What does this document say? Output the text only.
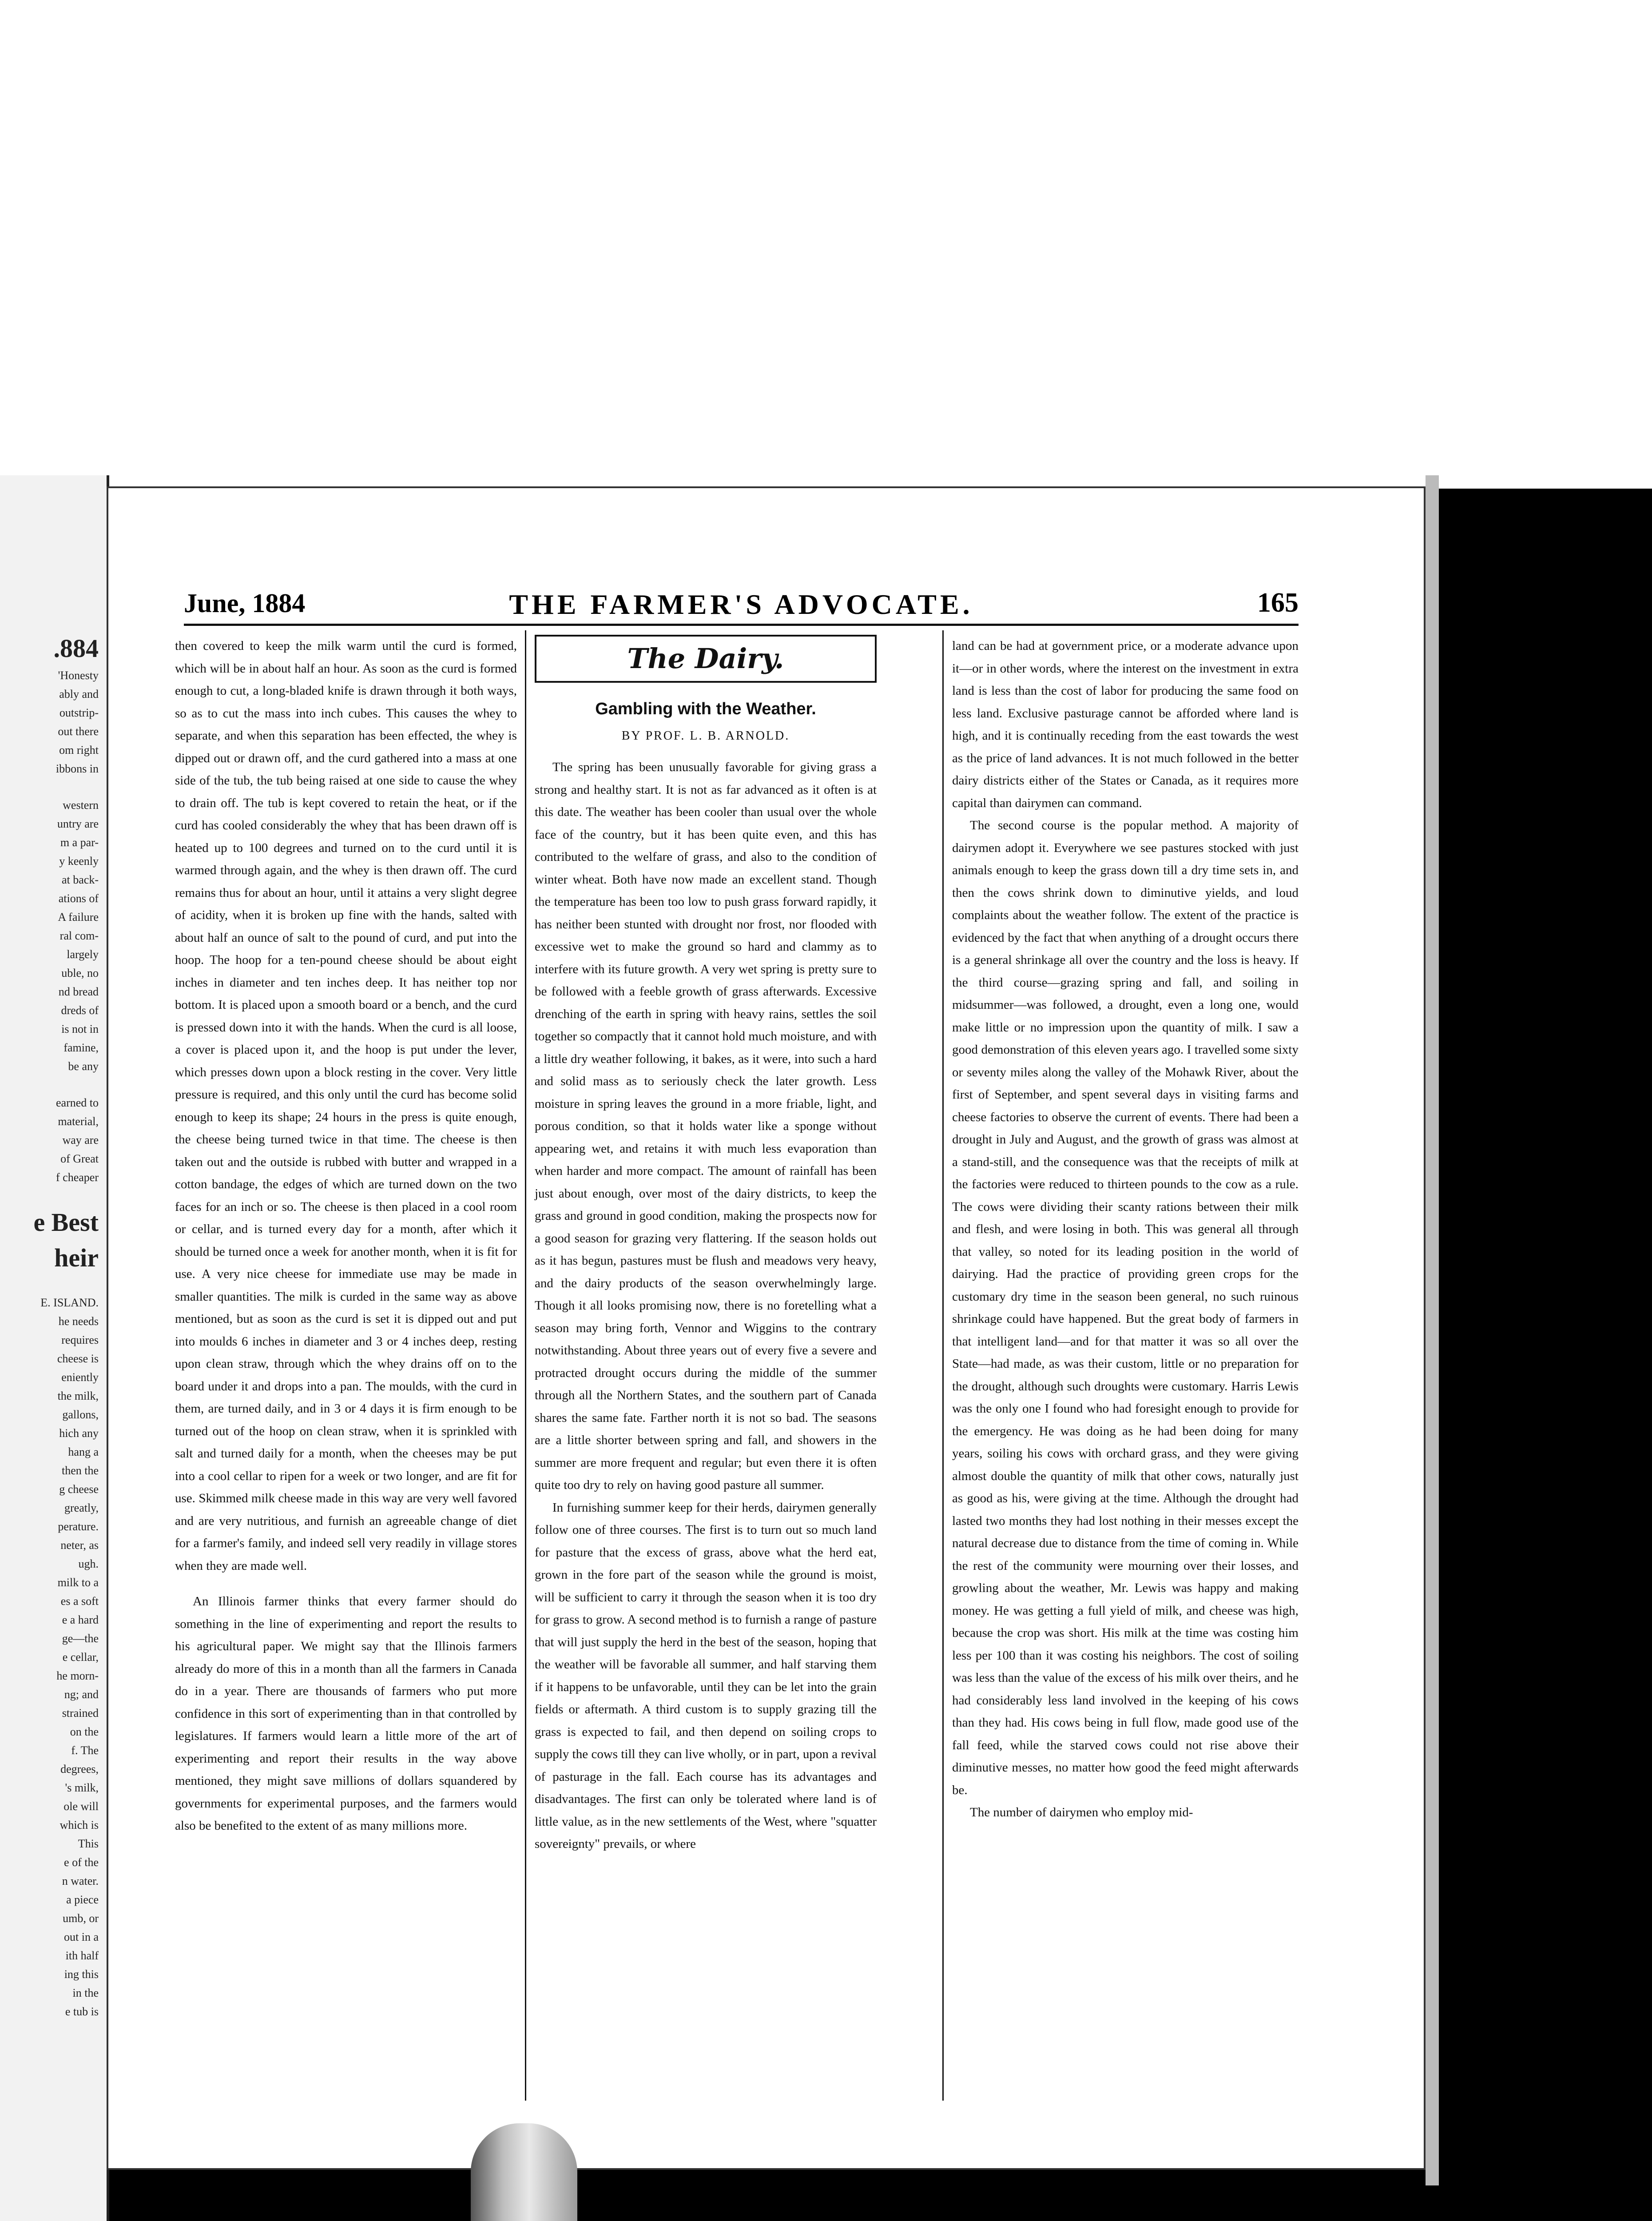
.884

'Honesty

ably and

outstrip-

out there

om right

ibbons in

western

untry are

m a par-

y keenly

at back-

ations of

A failure

ral com-

largely

uble, no

nd bread

dreds of

is not in

famine,

be any

earned to

material,

way are

of Great

f cheaper

e Best

heir

E. ISLAND.

he needs

requires

cheese is

eniently

the milk,

gallons,

hich any

hang a

then the

g cheese

greatly,

perature.

neter, as

ugh.

milk to a

es a soft

e a hard

ge—the

e cellar,

he morn-

ng; and

strained

on the

f. The

degrees,

's milk,

ole will

which is

This

e of the

n water.

a piece

umb, or

out in a

ith half

ing this

in the

e tub is

June, 1884	THE FARMER'S ADVOCATE.	165

then covered to keep the milk warm until the curd is formed, which will be in about half an hour. As soon as the curd is formed enough to cut, a long-bladed knife is drawn through it both ways, so as to cut the mass into inch cubes. This causes the whey to separate, and when this separation has been effected, the whey is dipped out or drawn off, and the curd gathered into a mass at one side of the tub, the tub being raised at one side to cause the whey to drain off. The tub is kept covered to retain the heat, or if the curd has cooled considerably the whey that has been drawn off is heated up to 100 degrees and turned on to the curd until it is warmed through again, and the whey is then drawn off. The curd remains thus for about an hour, until it attains a very slight degree of acidity, when it is broken up fine with the hands, salted with about half an ounce of salt to the pound of curd, and put into the hoop. The hoop for a ten-pound cheese should be about eight inches in diameter and ten inches deep. It has neither top nor bottom. It is placed upon a smooth board or a bench, and the curd is pressed down into it with the hands. When the curd is all loose, a cover is placed upon it, and the hoop is put under the lever, which presses down upon a block resting in the cover. Very little pressure is required, and this only until the curd has become solid enough to keep its shape; 24 hours in the press is quite enough, the cheese being turned twice in that time. The cheese is then taken out and the outside is rubbed with butter and wrapped in a cotton bandage, the edges of which are turned down on the two faces for an inch or so. The cheese is then placed in a cool room or cellar, and is turned every day for a month, after which it should be turned once a week for another month, when it is fit for use. A very nice cheese for immediate use may be made in smaller quantities. The milk is curded in the same way as above mentioned, but as soon as the curd is set it is dipped out and put into moulds 6 inches in diameter and 3 or 4 inches deep, resting upon clean straw, through which the whey drains off on to the board under it and drops into a pan. The moulds, with the curd in them, are turned daily, and in 3 or 4 days it is firm enough to be turned out of the hoop on clean straw, when it is sprinkled with salt and turned daily for a month, when the cheeses may be put into a cool cellar to ripen for a week or two longer, and are fit for use. Skimmed milk cheese made in this way are very well favored and are very nutritious, and furnish an agreeable change of diet for a farmer's family, and indeed sell very readily in village stores when they are made well.

An Illinois farmer thinks that every farmer should do something in the line of experimenting and report the results to his agricultural paper. We might say that the Illinois farmers already do more of this in a month than all the farmers in Canada do in a year. There are thousands of farmers who put more confidence in this sort of experimenting than in that controlled by legislatures. If farmers would learn a little more of the art of experimenting and report their results in the way above mentioned, they might save millions of dollars squandered by governments for experimental purposes, and the farmers would also be benefited to the extent of as many millions more.

The Dairy.
Gambling with the Weather.
BY PROF. L. B. ARNOLD.

The spring has been unusually favorable for giving grass a strong and healthy start. It is not as far advanced as it often is at this date. The weather has been cooler than usual over the whole face of the country, but it has been quite even, and this has contributed to the welfare of grass, and also to the condition of winter wheat. Both have now made an excellent stand. Though the temperature has been too low to push grass forward rapidly, it has neither been stunted with drought nor frost, nor flooded with excessive wet to make the ground so hard and clammy as to interfere with its future growth. A very wet spring is pretty sure to be followed with a feeble growth of grass afterwards. Excessive drenching of the earth in spring with heavy rains, settles the soil together so compactly that it cannot hold much moisture, and with a little dry weather following, it bakes, as it were, into such a hard and solid mass as to seriously check the later growth. Less moisture in spring leaves the ground in a more friable, light, and porous condition, so that it holds water like a sponge without appearing wet, and retains it with much less evaporation than when harder and more compact. The amount of rainfall has been just about enough, over most of the dairy districts, to keep the grass and ground in good condition, making the prospects now for a good season for grazing very flattering. If the season holds out as it has begun, pastures must be flush and meadows very heavy, and the dairy products of the season overwhelmingly large. Though it all looks promising now, there is no foretelling what a season may bring forth, Vennor and Wiggins to the contrary notwithstanding. About three years out of every five a severe and protracted drought occurs during the middle of the summer through all the Northern States, and the southern part of Canada shares the same fate. Farther north it is not so bad. The seasons are a little shorter between spring and fall, and showers in the summer are more frequent and regular; but even there it is often quite too dry to rely on having good pasture all summer.

In furnishing summer keep for their herds, dairymen generally follow one of three courses. The first is to turn out so much land for pasture that the excess of grass, above what the herd eat, grown in the fore part of the season while the ground is moist, will be sufficient to carry it through the season when it is too dry for grass to grow. A second method is to furnish a range of pasture that will just supply the herd in the best of the season, hoping that the weather will be favorable all summer, and half starving them if it happens to be unfavorable, until they can be let into the grain fields or aftermath. A third custom is to supply grazing till the grass is expected to fail, and then depend on soiling crops to supply the cows till they can live wholly, or in part, upon a revival of pasturage in the fall. Each course has its advantages and disadvantages. The first can only be tolerated where land is of little value, as in the new settlements of the West, where "squatter sovereignty" prevails, or where

land can be had at government price, or a moderate advance upon it—or in other words, where the interest on the investment in extra land is less than the cost of labor for producing the same food on less land. Exclusive pasturage cannot be afforded where land is high, and it is continually receding from the east towards the west as the price of land advances. It is not much followed in the better dairy districts either of the States or Canada, as it requires more capital than dairymen can command.

The second course is the popular method. A majority of dairymen adopt it. Everywhere we see pastures stocked with just animals enough to keep the grass down till a dry time sets in, and then the cows shrink down to diminutive yields, and loud complaints about the weather follow. The extent of the practice is evidenced by the fact that when anything of a drought occurs there is a general shrinkage all over the country and the loss is heavy. If the third course—grazing spring and fall, and soiling in midsummer—was followed, a drought, even a long one, would make little or no impression upon the quantity of milk. I saw a good demonstration of this eleven years ago. I travelled some sixty or seventy miles along the valley of the Mohawk River, about the first of September, and spent several days in visiting farms and cheese factories to observe the current of events. There had been a drought in July and August, and the growth of grass was almost at a stand-still, and the consequence was that the receipts of milk at the factories were reduced to thirteen pounds to the cow as a rule. The cows were dividing their scanty rations between their milk and flesh, and were losing in both. This was general all through that valley, so noted for its leading position in the world of dairying. Had the practice of providing green crops for the customary dry time in the season been general, no such ruinous shrinkage could have happened. But the great body of farmers in that intelligent land—and for that matter it was so all over the State—had made, as was their custom, little or no preparation for the drought, although such droughts were customary. Harris Lewis was the only one I found who had foresight enough to provide for the emergency. He was doing as he had been doing for many years, soiling his cows with orchard grass, and they were giving almost double the quantity of milk that other cows, naturally just as good as his, were giving at the time. Although the drought had lasted two months they had lost nothing in their messes except the natural decrease due to distance from the time of coming in. While the rest of the community were mourning over their losses, and growling about the weather, Mr. Lewis was happy and making money. He was getting a full yield of milk, and cheese was high, because the crop was short. His milk at the time was costing him less per 100 than it was costing his neighbors. The cost of soiling was less than the value of the excess of his milk over theirs, and he had considerably less land involved in the keeping of his cows than they had. His cows being in full flow, made good use of the fall feed, while the starved cows could not rise above their diminutive messes, no matter how good the feed might afterwards be.

The number of dairymen who employ mid-
